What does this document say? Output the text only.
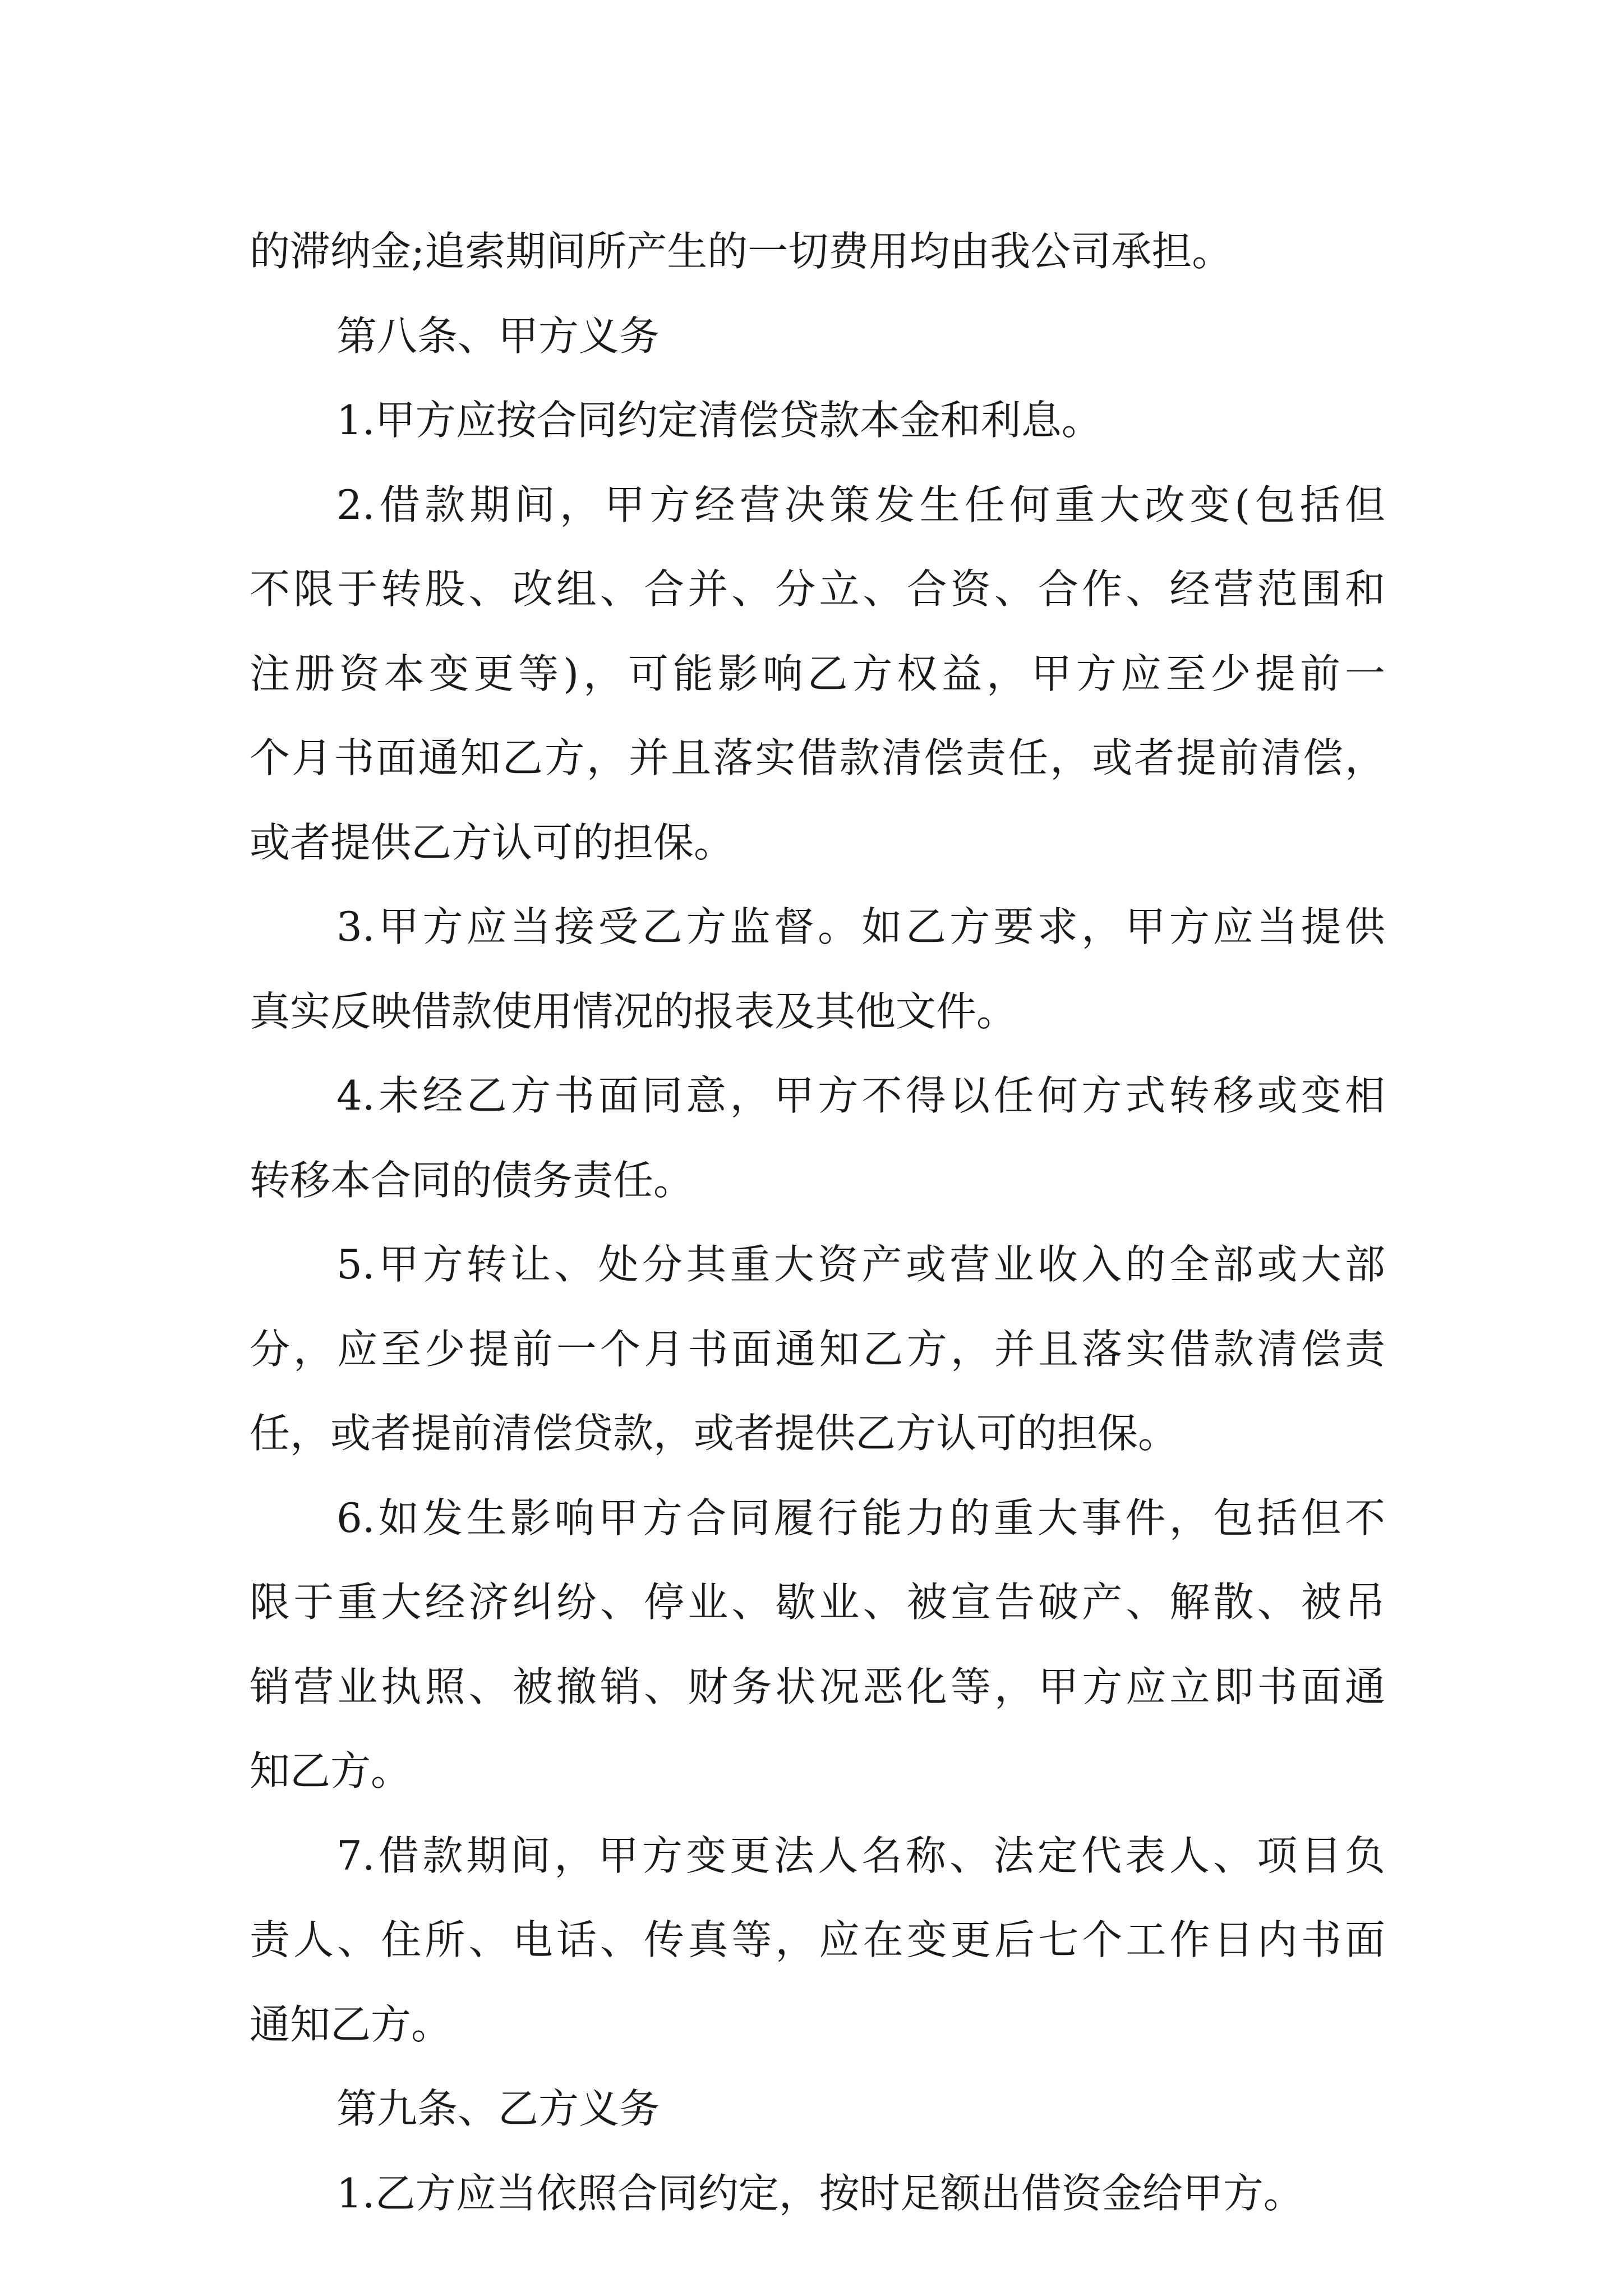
的滞纳金;追索期间所产生的一切费用均由我公司承担。
第八条、甲方义务
1.甲方应按合同约定清偿贷款本金和利息。
2.借款期间，甲方经营决策发生任何重大改变(包括但
不限于转股、改组、合并、分立、合资、合作、经营范围和
注册资本变更等)，可能影响乙方权益，甲方应至少提前一
个月书面通知乙方，并且落实借款清偿责任，或者提前清偿，
或者提供乙方认可的担保。
3.甲方应当接受乙方监督。如乙方要求，甲方应当提供
真实反映借款使用情况的报表及其他文件。
4.未经乙方书面同意，甲方不得以任何方式转移或变相
转移本合同的债务责任。
5.甲方转让、处分其重大资产或营业收入的全部或大部
分，应至少提前一个月书面通知乙方，并且落实借款清偿责
任，或者提前清偿贷款，或者提供乙方认可的担保。
6.如发生影响甲方合同履行能力的重大事件，包括但不
限于重大经济纠纷、停业、歇业、被宣告破产、解散、被吊
销营业执照、被撤销、财务状况恶化等，甲方应立即书面通
知乙方。
7.借款期间，甲方变更法人名称、法定代表人、项目负
责人、住所、电话、传真等，应在变更后七个工作日内书面
通知乙方。
第九条、乙方义务
1.乙方应当依照合同约定，按时足额出借资金给甲方。
